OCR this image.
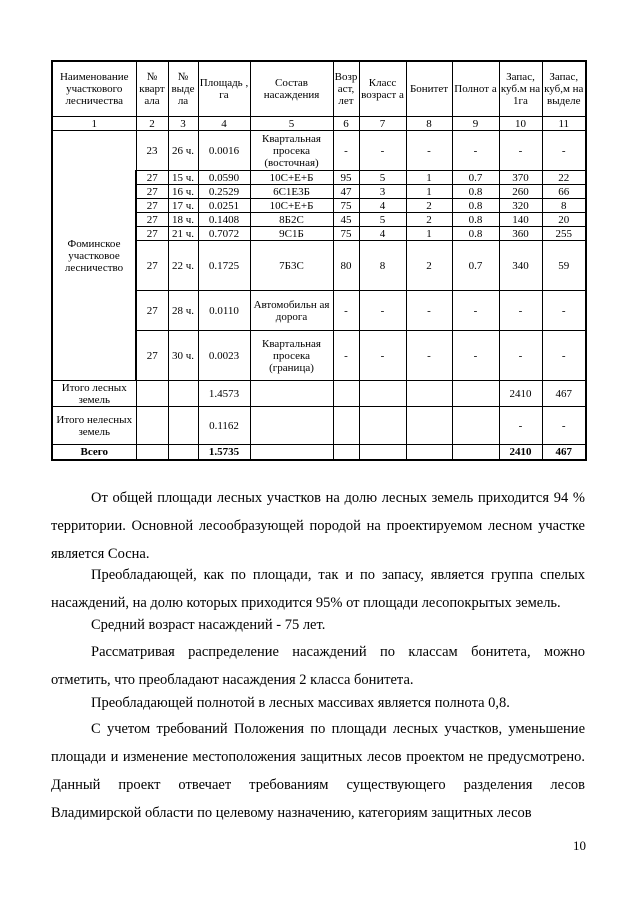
Наименование участкового лесничества	№ кварт ала	№ выде ла	Площадь , га	Состав насаждения	Возр аст, лет	Класс возраст а	Бонитет	Полнот а	Запас, куб.м на 1га	Запас, куб,м на выделе
1	2	3	4	5	6	7	8	9	10	11
Фоминское участковое лесничество	23	26 ч.	0.0016	Квартальная просека (восточная)	-	-	-	-	-	-
	27	15 ч.	0.0590	10С+Е+Б	95	5	1	0.7	370	22
	27	16 ч.	0.2529	6С1Е3Б	47	3	1	0.8	260	66
	27	17 ч.	0.0251	10С+Е+Б	75	4	2	0.8	320	8
	27	18 ч.	0.1408	8Б2С	45	5	2	0.8	140	20
	27	21 ч.	0.7072	9С1Б	75	4	1	0.8	360	255
	27	22 ч.	0.1725	7Б3С	80	8	2	0.7	340	59
	27	28 ч.	0.0110	Автомобильн ая дорога	-	-	-	-	-	-
	27	30 ч.	0.0023	Квартальная просека (граница)	-	-	-	-	-	-
Итого лесных земель			1.4573						2410	467
Итого нелесных земель			0.1162						-	-
Всего			1.5735						2410	467

От общей площади лесных участков на долю лесных земель приходится 94 % территории. Основной лесообразующей породой на проектируемом лесном участке является Сосна.

Преобладающей, как по площади, так и по запасу, является группа спелых насаждений, на долю которых приходится 95% от площади лесопокрытых земель.

Средний возраст насаждений - 75 лет.

Рассматривая распределение насаждений по классам бонитета, можно отметить, что преобладают насаждения 2 класса бонитета.

Преобладающей полнотой в лесных массивах является полнота 0,8.

С учетом требований Положения по площади лесных участков, уменьшение площади и изменение местоположения защитных лесов проектом не предусмотрено. Данный проект отвечает требованиям существующего разделения лесов Владимирской области по целевому назначению, категориям защитных лесов

10
